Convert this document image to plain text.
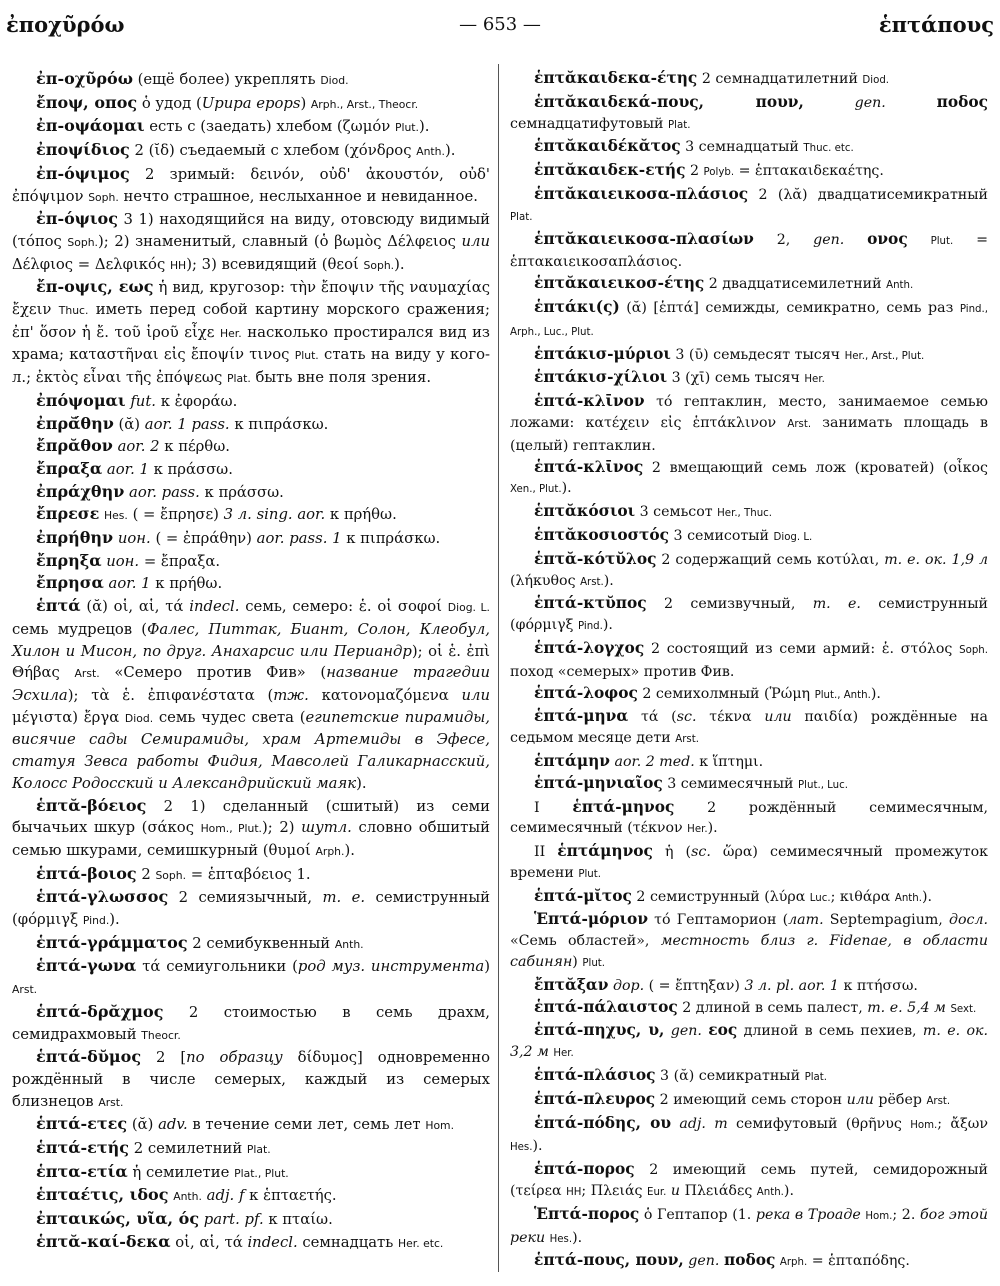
ἐποχῦρόω	— 653 —	ἑπτάπους

ἐπ-οχῦρόω (ещё более) укреплять Diod.

ἔποψ, οπος ὁ удод (Upupa epops) Arph., Arst., Theocr.

ἐπ-οψάομαι есть с (заедать) хлебом (ζωμόν Plut.).

ἐποψίδιος 2 (ῐδ) съедаемый с хлебом (χόνδρος Anth.).

ἐπ-όψιμος 2 зримый: δεινόν, οὐδ' ἀκουστόν, οὐδ' ἐπόψιμον Soph. нечто страшное, неслыханное и невиданное.

ἐπ-όψιος 3 1) находящийся на виду, отовсюду видимый (τόπος Soph.); 2) знаменитый, славный (ὁ βωμὸς Δέλφειος или Δέλφιος = Δελφικός HH); 3) всевидящий (θεοί Soph.).

ἔπ-οψις, εως ἡ вид, кругозор: τὴν ἔποψιν τῆς ναυμαχίας ἔχειν Thuc. иметь перед собой картину морского сражения; ἐπ' ὅσον ἡ ἔ. τοῦ ἱροῦ εἶχε Her. насколько простирался вид из храма; καταστῆναι εἰς ἔποψίν τινος Plut. стать на виду у кого-л.; ἐκτὸς εἶναι τῆς ἐπόψεως Plat. быть вне поля зрения.

ἐπόψομαι fut. к ἐφοράω.

ἐπρᾰ́θην (ᾰ) aor. 1 pass. к πιπράσκω.

ἔπρᾰθον aor. 2 к πέρθω.

ἔπραξα aor. 1 к πράσσω.

ἐπράχθην aor. pass. к πράσσω.

ἔπρεσε Hes. ( = ἔπρησε) 3 л. sing. aor. к πρήθω.

ἐπρήθην ион. ( = ἐπράθην) aor. pass. 1 к πιπράσκω.

ἔπρηξα ион. = ἔπραξα.

ἔπρησα aor. 1 к πρήθω.

ἑπτά (ᾰ) οἱ, αἱ, τά indecl. семь, семеро: ἑ. οἱ σοφοί Diog. L. семь мудрецов (Фалес, Питтак, Биант, Солон, Клеобул, Хилон и Мисон, по друг. Анахарсис или Периандр); οἱ ἑ. ἐπὶ Θήβας Arst. «Семеро против Фив» (название трагедии Эсхила); τὰ ἑ. ἐπιφανέστατα (тж. κατονομαζόμενα или μέγιστα) ἔργα Diod. семь чудес света (египетские пирамиды, висячие сады Семирамиды, храм Артемиды в Эфесе, статуя Зевса работы Фидия, Мавсолей Галикарнасский, Колосс Родосский и Александрийский маяк).

ἑπτᾰ-βόειος 2 1) сделанный (сшитый) из семи бычачьих шкур (σάκος Hom., Plut.); 2) шутл. словно обшитый семью шкурами, семишкурный (θυμοί Arph.).

ἑπτά-βοιος 2 Soph. = ἑπταβόειος 1.

ἑπτά-γλωσσος 2 семиязычный, т. е. семиструнный (φόρμιγξ Pind.).

ἑπτά-γράμματος 2 семибуквенный Anth.

ἑπτά-γωνα τά семиугольники (род муз. инструмента) Arst.

ἑπτά-δρᾰχμος 2 стоимостью в семь драхм, семидрахмовый Theocr.

ἑπτά-δῠμος 2 [по образцу δίδυμος] одновременно рождённый в числе семерых, каждый из семерых близнецов Arst.

ἑπτά-ετες (ᾰ) adv. в течение семи лет, семь лет Hom.

ἑπτά-ετής 2 семилетний Plat.

ἑπτα-ετία ἡ семилетие Plat., Plut.

ἑπταέτις, ιδος Anth. adj. f к ἑπταετής.

ἐπταικώς, υῖα, ός part. pf. к πταίω.

ἑπτᾰ-καί-δεκα οἱ, αἱ, τά indecl. семнадцать Her. etc.

ἑπτᾰκαιδεκα-έτης 2 семнадцатилетний Diod.

ἑπτᾰκαιδεκά-πους, πουν,	gen.	ποδος семнадцатифутовый Plat.

ἑπτᾰκαιδέκᾰτος 3 семнадцатый Thuc. etc.

ἑπτᾰκαιδεκ-ετής 2 Polyb. = ἑπτακαιδεκαέτης.

ἑπτᾰκαιεικοσα-πλάσιος 2 (λᾰ) двадцатисемикратный Plat.

ἑπτᾰκαιεικοσα-πλασίων 2, gen. ονος Plut. = ἑπτακαιεικοσαπλάσιος.

ἑπτᾰκαιεικοσ-έτης 2 двадцатисемилетний Anth.

ἑπτάκι(ς) (ᾰ) [ἑπτά] семижды, семикратно, семь раз Pind., Arph., Luc., Plut.

ἑπτάκισ-μύριοι 3 (ῡ) семьдесят тысяч Her., Arst., Plut.

ἑπτάκισ-χίλιοι 3 (χῑ) семь тысяч Her.

ἑπτά-κλῑνον τό гептаклин, место, занимаемое семью ложами: κατέχειν εἰς ἑπτάκλινον Arst. занимать площадь в (целый) гептаклин.

ἑπτά-κλῑνος 2 вмещающий семь лож (кроватей) (οἶκος Xen., Plut.).

ἑπτᾰκόσιοι 3 семьсот Her., Thuc.

ἑπτᾰκοσιοστός 3 семисотый Diog. L.

ἑπτᾰ-κότῠλος 2 содержащий семь κοτύλαι, т. е. ок. 1,9 л (λήκυθος Arst.).

ἑπτά-κτῠπος 2 семизвучный, т. е. семиструнный (φόρμιγξ Pind.).

ἑπτά-λογχος 2 состоящий из семи армий: ἑ. στόλος Soph. поход «семерых» против Фив.

ἑπτά-λοφος 2 семихолмный (Ῥώμη Plut., Anth.).

ἑπτά-μηνα τά (sc. τέκνα или παιδία) рождённые на седьмом месяце дети Arst.

ἑπτάμην aor. 2 med. к ἵπτημι.

ἑπτά-μηνιαῖος 3 семимесячный Plut., Luc.

I ἑπτά-μηνος 2 рождённый семимесячным, семимесячный (τέκνον Her.).

II ἑπτάμηνος ἡ (sc. ὥρα) семимесячный промежуток времени Plut.

ἑπτά-μῐτος 2 семиструнный (λύρα Luc.; κιθάρα Anth.).

Ἑπτά-μόριον τό Гептаморион (лат. Septempagium, досл. «Семь областей», местность близ г. Fidenae, в области сабинян) Plut.

ἔπτᾰξαν дор. ( = ἔπτηξαν) 3 л. pl. aor. 1 к πτήσσω.

ἑπτά-πάλαιστος 2 длиной в семь палест, т. е. 5,4 м Sext.

ἑπτά-πηχυς, υ, gen. εος длиной в семь пехиев, т. е. ок. 3,2 м Her.

ἑπτά-πλάσιος 3 (ᾰ) семикратный Plat.

ἑπτά-πλευρος 2 имеющий семь сторон или рёбер Arst.

ἑπτά-πόδης, ου adj. m семифутовый (θρῆνυς Hom.; ἄξων Hes.).

ἑπτά-πορος 2 имеющий семь путей, семидорожный (τείρεα HH; Πλειάς Eur. и Πλειάδες Anth.).

Ἑπτά-πορος ὁ Гептапор (1. река в Троаде Hom.; 2. бог этой реки Hes.).

ἑπτά-πους, πουν, gen. ποδος Arph. = ἑπταπόδης.
